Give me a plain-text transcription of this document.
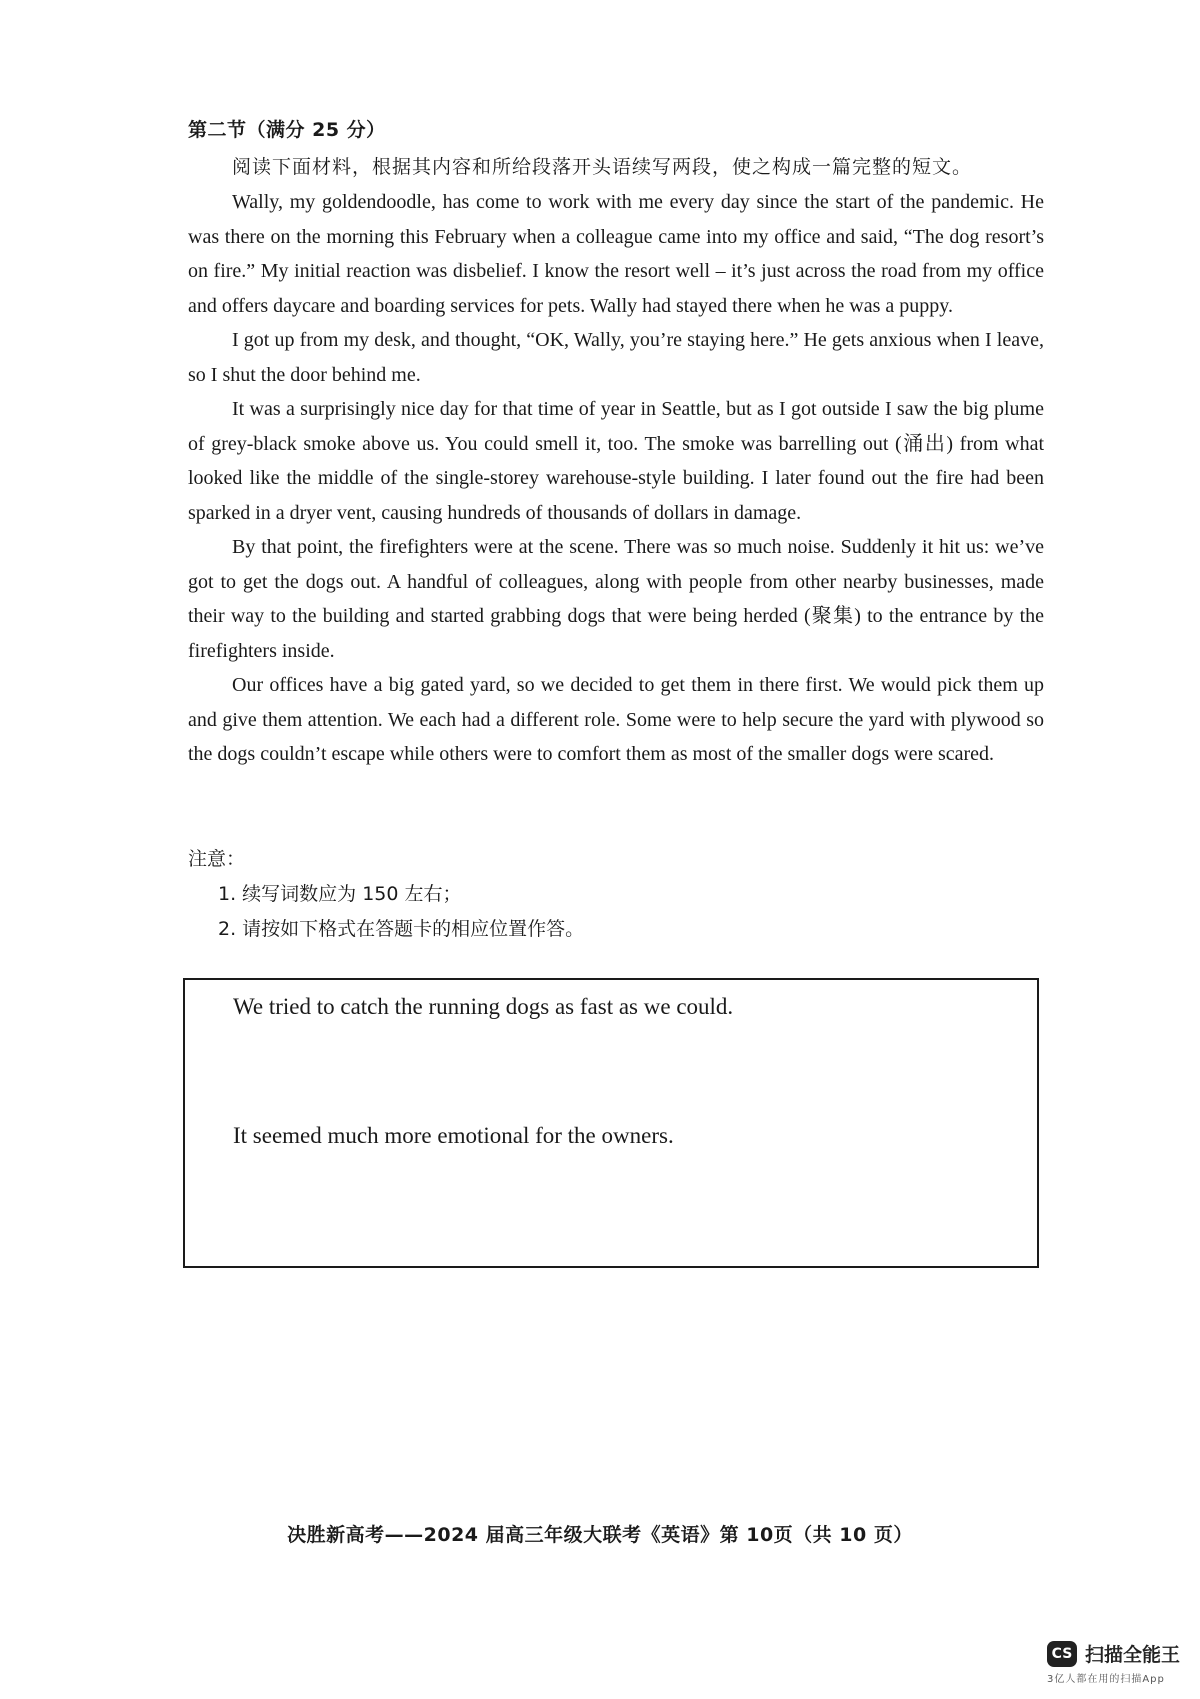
第二节（满分 25 分）
阅读下面材料，根据其内容和所给段落开头语续写两段，使之构成一篇完整的短文。

Wally, my goldendoodle, has come to work with me every day since the start of the pandemic. He was there on the morning this February when a colleague came into my office and said, “The dog resort’s on fire.” My initial reaction was disbelief. I know the resort well – it’s just across the road from my office and offers daycare and boarding services for pets. Wally had stayed there when he was a puppy.

I got up from my desk, and thought, “OK, Wally, you’re staying here.” He gets anxious when I leave, so I shut the door behind me.

It was a surprisingly nice day for that time of year in Seattle, but as I got outside I saw the big plume of grey-black smoke above us. You could smell it, too. The smoke was barrelling out (涌出) from what looked like the middle of the single-storey warehouse-style building. I later found out the fire had been sparked in a dryer vent, causing hundreds of thousands of dollars in damage.

By that point, the firefighters were at the scene. There was so much noise. Suddenly it hit us: we’ve got to get the dogs out. A handful of colleagues, along with people from other nearby businesses, made their way to the building and started grabbing dogs that were being herded (聚集) to the entrance by the firefighters inside.

Our offices have a big gated yard, so we decided to get them in there first. We would pick them up and give them attention. We each had a different role. Some were to help secure the yard with plywood so the dogs couldn’t escape while others were to comfort them as most of the smaller dogs were scared.

注意：
1. 续写词数应为 150 左右；
2. 请按如下格式在答题卡的相应位置作答。
We tried to catch the running dogs as fast as we could.
It seemed much more emotional for the owners.
决胜新高考——2024 届高三年级大联考《英语》第 10页（共 10 页）
CS 扫描全能王
3亿人都在用的扫描App
